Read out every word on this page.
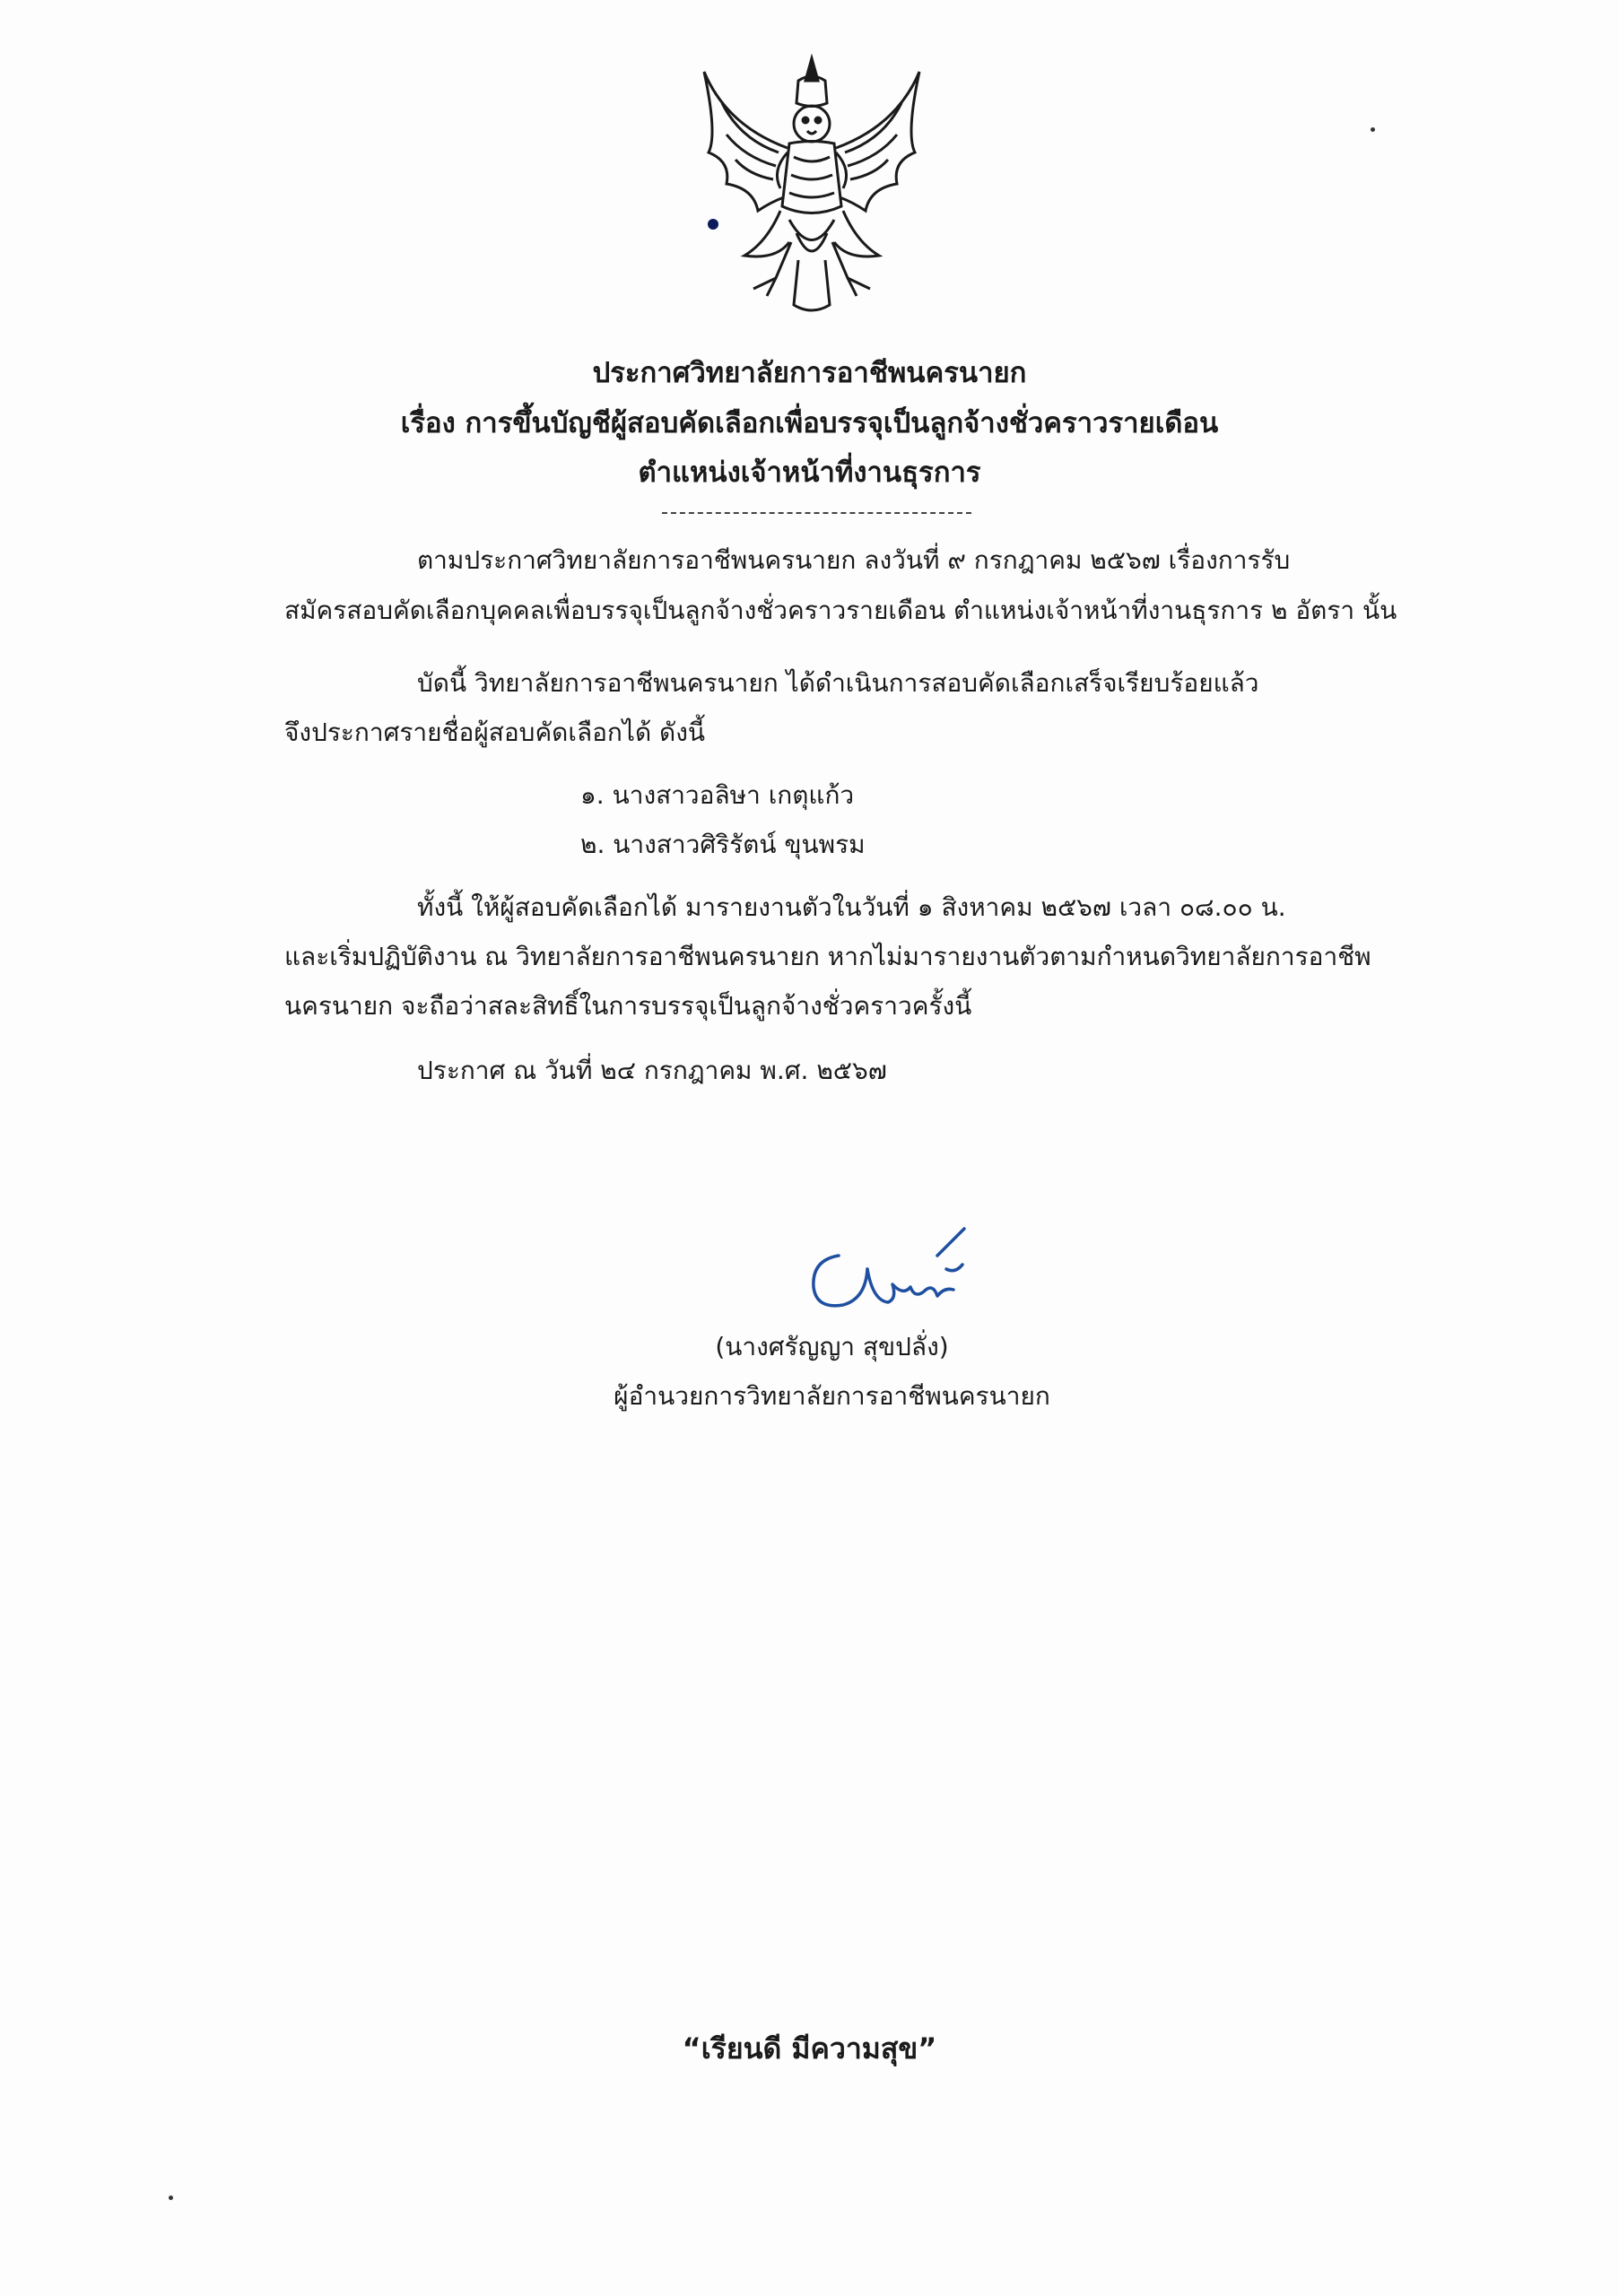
ประกาศวิทยาลัยการอาชีพนครนายก
เรื่อง การขึ้นบัญชีผู้สอบคัดเลือกเพื่อบรรจุเป็นลูกจ้างชั่วคราวรายเดือน
ตำแหน่งเจ้าหน้าที่งานธุรการ
ตามประกาศวิทยาลัยการอาชีพนครนายก ลงวันที่ ๙ กรกฎาคม ๒๕๖๗ เรื่องการรับ
สมัครสอบคัดเลือกบุคคลเพื่อบรรจุเป็นลูกจ้างชั่วคราวรายเดือน ตำแหน่งเจ้าหน้าที่งานธุรการ ๒ อัตรา นั้น
บัดนี้ วิทยาลัยการอาชีพนครนายก ได้ดำเนินการสอบคัดเลือกเสร็จเรียบร้อยแล้ว
จึงประกาศรายชื่อผู้สอบคัดเลือกได้ ดังนี้
๑. นางสาวอลิษา เกตุแก้ว
๒. นางสาวศิริรัตน์ ขุนพรม
ทั้งนี้ ให้ผู้สอบคัดเลือกได้ มารายงานตัวในวันที่ ๑ สิงหาคม ๒๕๖๗ เวลา ๐๘.๐๐ น.
และเริ่มปฏิบัติงาน ณ วิทยาลัยการอาชีพนครนายก หากไม่มารายงานตัวตามกำหนดวิทยาลัยการอาชีพ
นครนายก จะถือว่าสละสิทธิ์ในการบรรจุเป็นลูกจ้างชั่วคราวครั้งนี้
ประกาศ ณ วันที่ ๒๔ กรกฎาคม พ.ศ. ๒๕๖๗
(นางศรัญญา สุขปลั่ง)
ผู้อำนวยการวิทยาลัยการอาชีพนครนายก
“เรียนดี มีความสุข”
